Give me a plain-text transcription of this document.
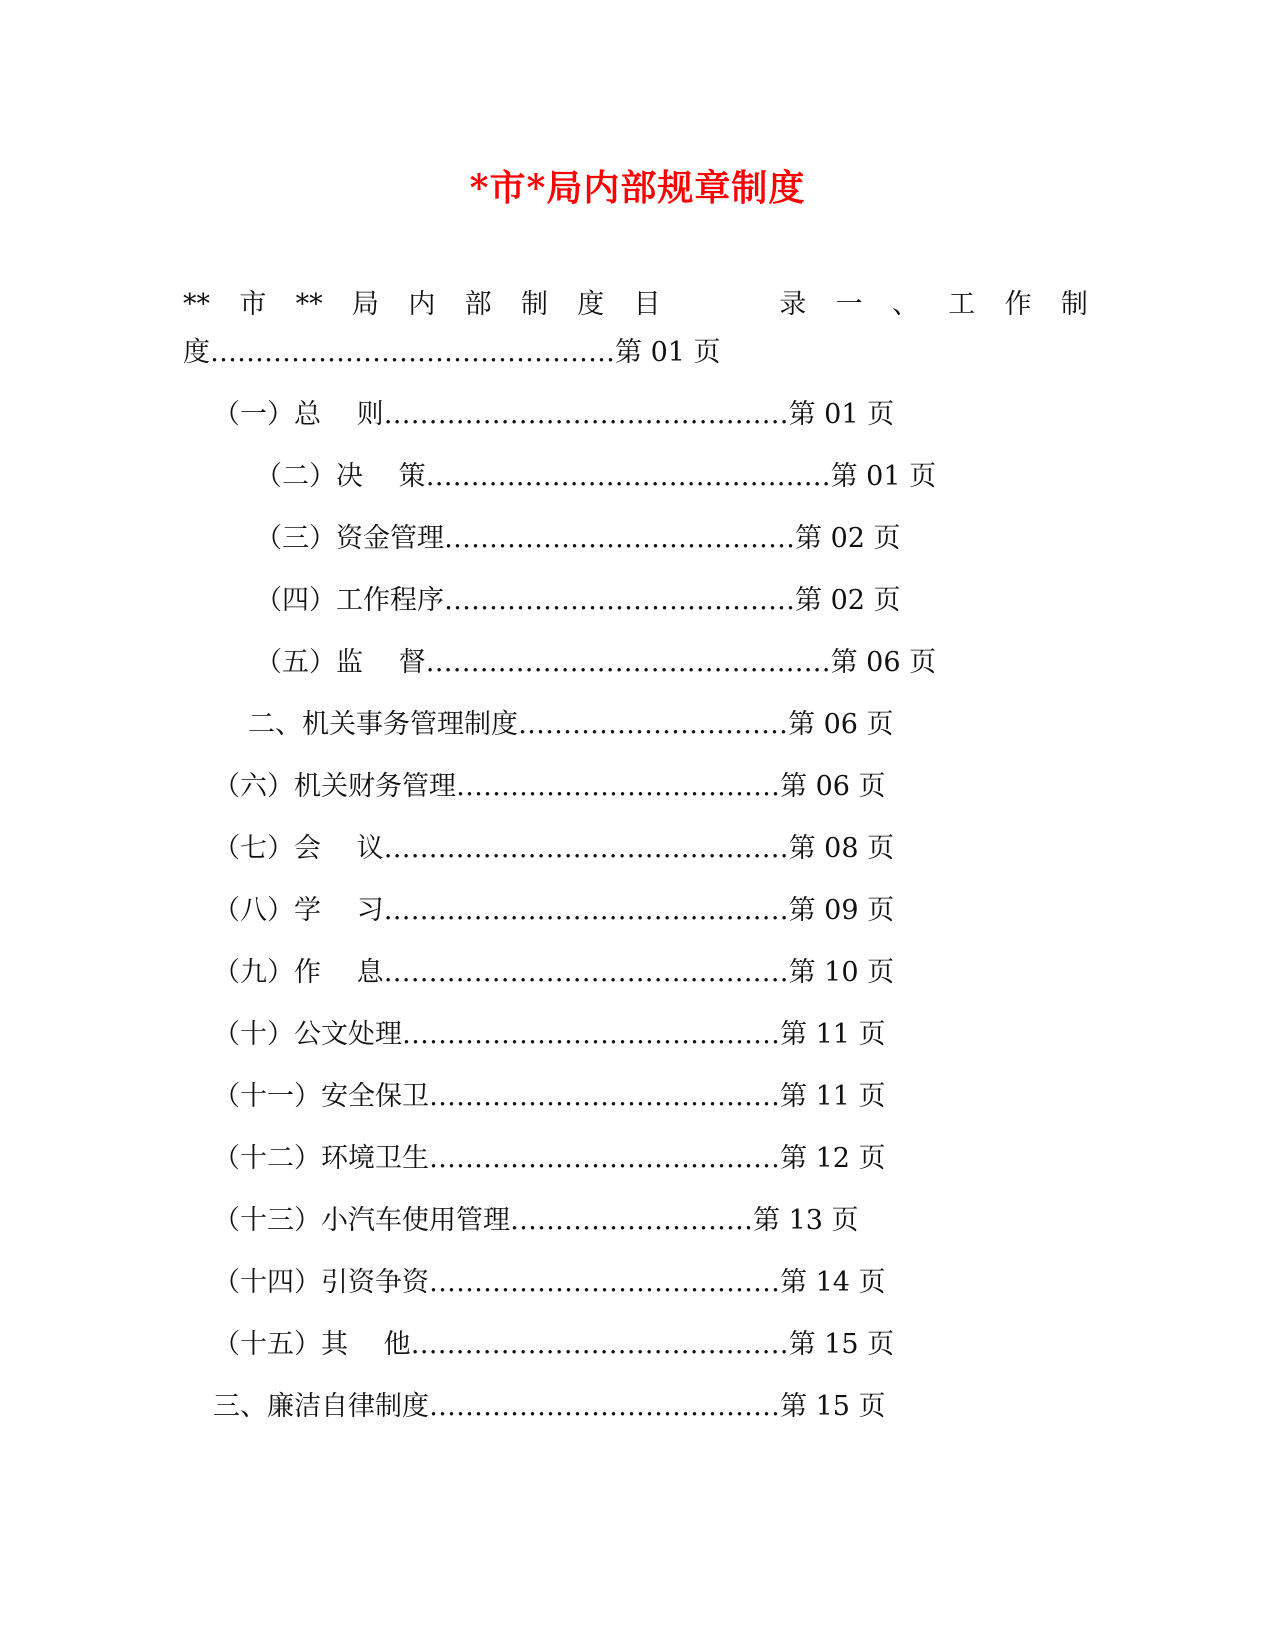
*市*局内部规章制度
** 市 ** 局 内 部 制 度 目	录 一 、 工 作 制
度………………………………………第 01 页
（一）总　 则………………………………………第 01 页
（二）决　 策………………………………………第 01 页
（三）资金管理…………………………………第 02 页
（四）工作程序…………………………………第 02 页
（五）监　 督………………………………………第 06 页
二、机关事务管理制度…………………………第 06 页
（六）机关财务管理………………………………第 06 页
（七）会　 议………………………………………第 08 页
（八）学　 习………………………………………第 09 页
（九）作　 息………………………………………第 10 页
（十）公文处理……………………………………第 11 页
（十一）安全保卫…………………………………第 11 页
（十二）环境卫生…………………………………第 12 页
（十三）小汽车使用管理………………………第 13 页
（十四）引资争资…………………………………第 14 页
（十五）其　 他……………………………………第 15 页
三、廉洁自律制度…………………………………第 15 页
